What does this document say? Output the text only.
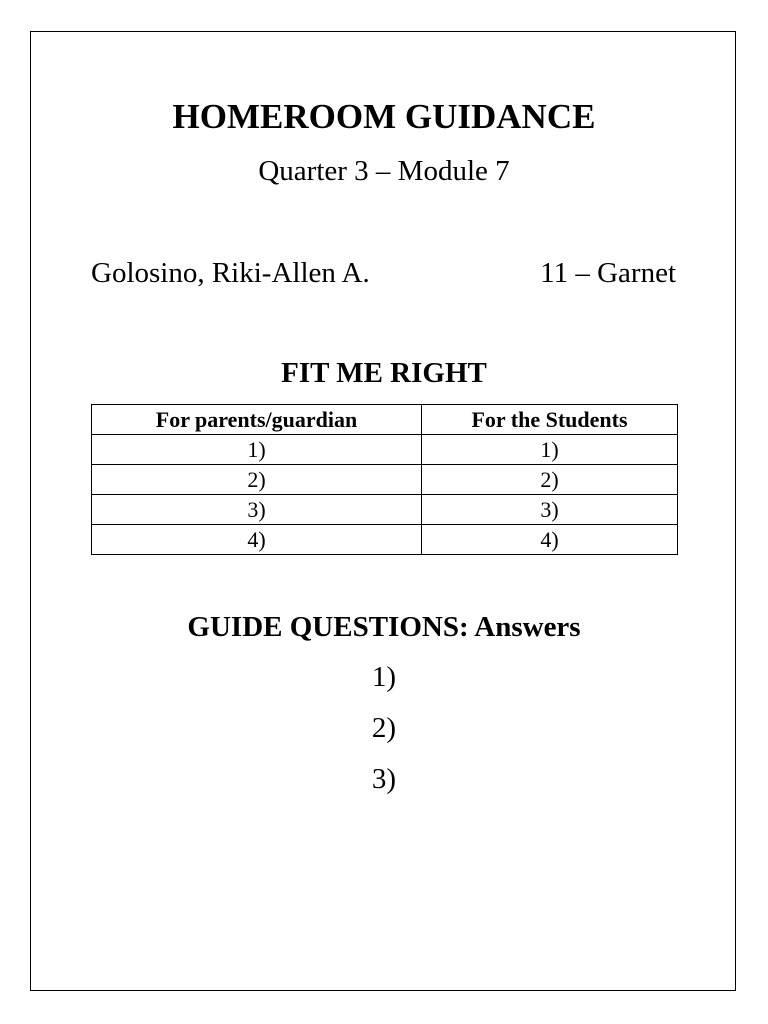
HOMEROOM GUIDANCE
Quarter 3 – Module 7
Golosino, Riki-Allen A.	11 – Garnet
FIT ME RIGHT
For parents/guardian	For the Students
1)	1)
2)	2)
3)	3)
4)	4)
GUIDE QUESTIONS: Answers
1)
2)
3)
